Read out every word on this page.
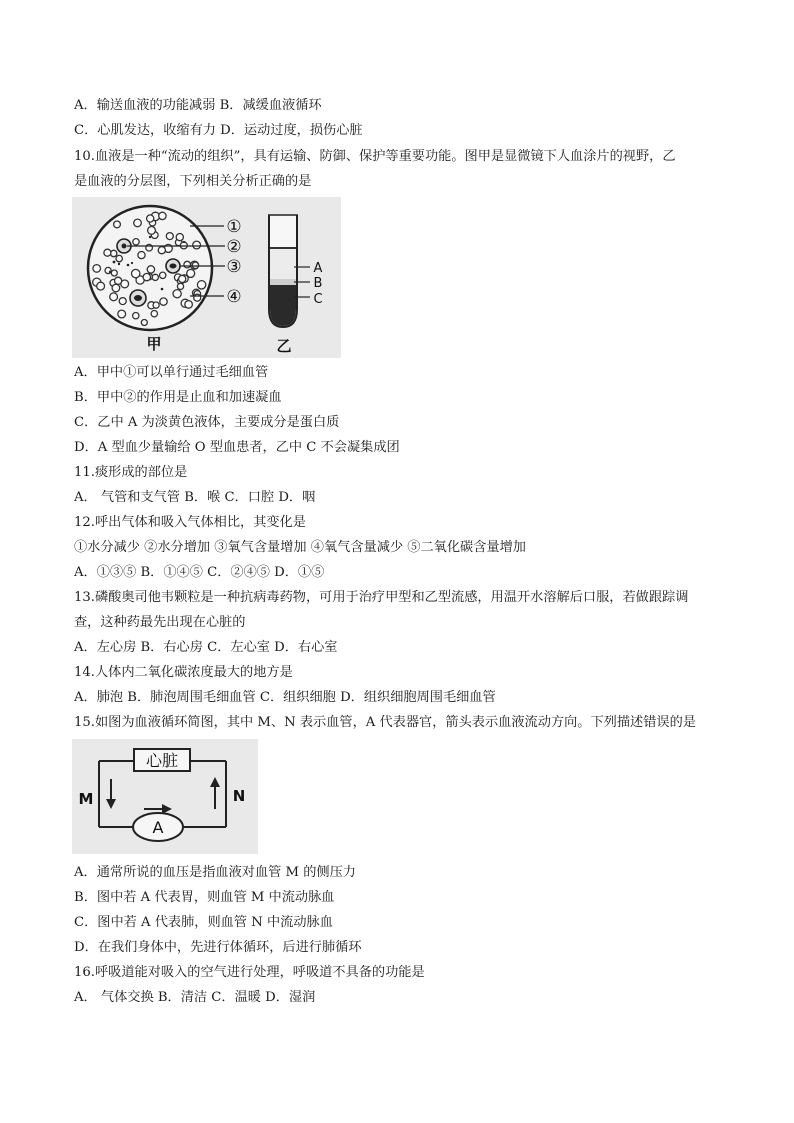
A．输送血液的功能减弱 B．减缓血液循环
C．心肌发达，收缩有力 D．运动过度，损伤心脏
10.血液是一种“流动的组织”，具有运输、防御、保护等重要功能。图甲是显微镜下人血涂片的视野，乙
是血液的分层图，下列相关分析正确的是
①
②
③
④
甲
A
B
C
乙
A．甲中①可以单行通过毛细血管
B．甲中②的作用是止血和加速凝血
C．乙中 A 为淡黄色液体，主要成分是蛋白质
D．A 型血少量输给 O 型血患者，乙中 C 不会凝集成团
11.痰形成的部位是
A． 气管和支气管 B．喉 C．口腔 D．咽
12.呼出气体和吸入气体相比，其变化是
①水分减少 ②水分增加 ③氧气含量增加 ④氧气含量减少 ⑤二氧化碳含量增加
A．①③⑤ B．①④⑤ C．②④⑤ D．①⑤
13.磷酸奥司他韦颗粒是一种抗病毒药物，可用于治疗甲型和乙型流感，用温开水溶解后口服，若做跟踪调
查，这种药最先出现在心脏的
A．左心房 B．右心房 C．左心室 D．右心室
14.人体内二氧化碳浓度最大的地方是
A．肺泡 B．肺泡周围毛细血管 C．组织细胞 D．组织细胞周围毛细血管
15.如图为血液循环简图，其中 M、N 表示血管，A 代表器官，箭头表示血液流动方向。下列描述错误的是
心脏
A
M	N
A．通常所说的血压是指血液对血管 M 的侧压力
B．图中若 A 代表胃，则血管 M 中流动脉血
C．图中若 A 代表肺，则血管 N 中流动脉血
D．在我们身体中，先进行体循环，后进行肺循环
16.呼吸道能对吸入的空气进行处理，呼吸道不具备的功能是
A． 气体交换 B．清洁 C．温暖 D．湿润
